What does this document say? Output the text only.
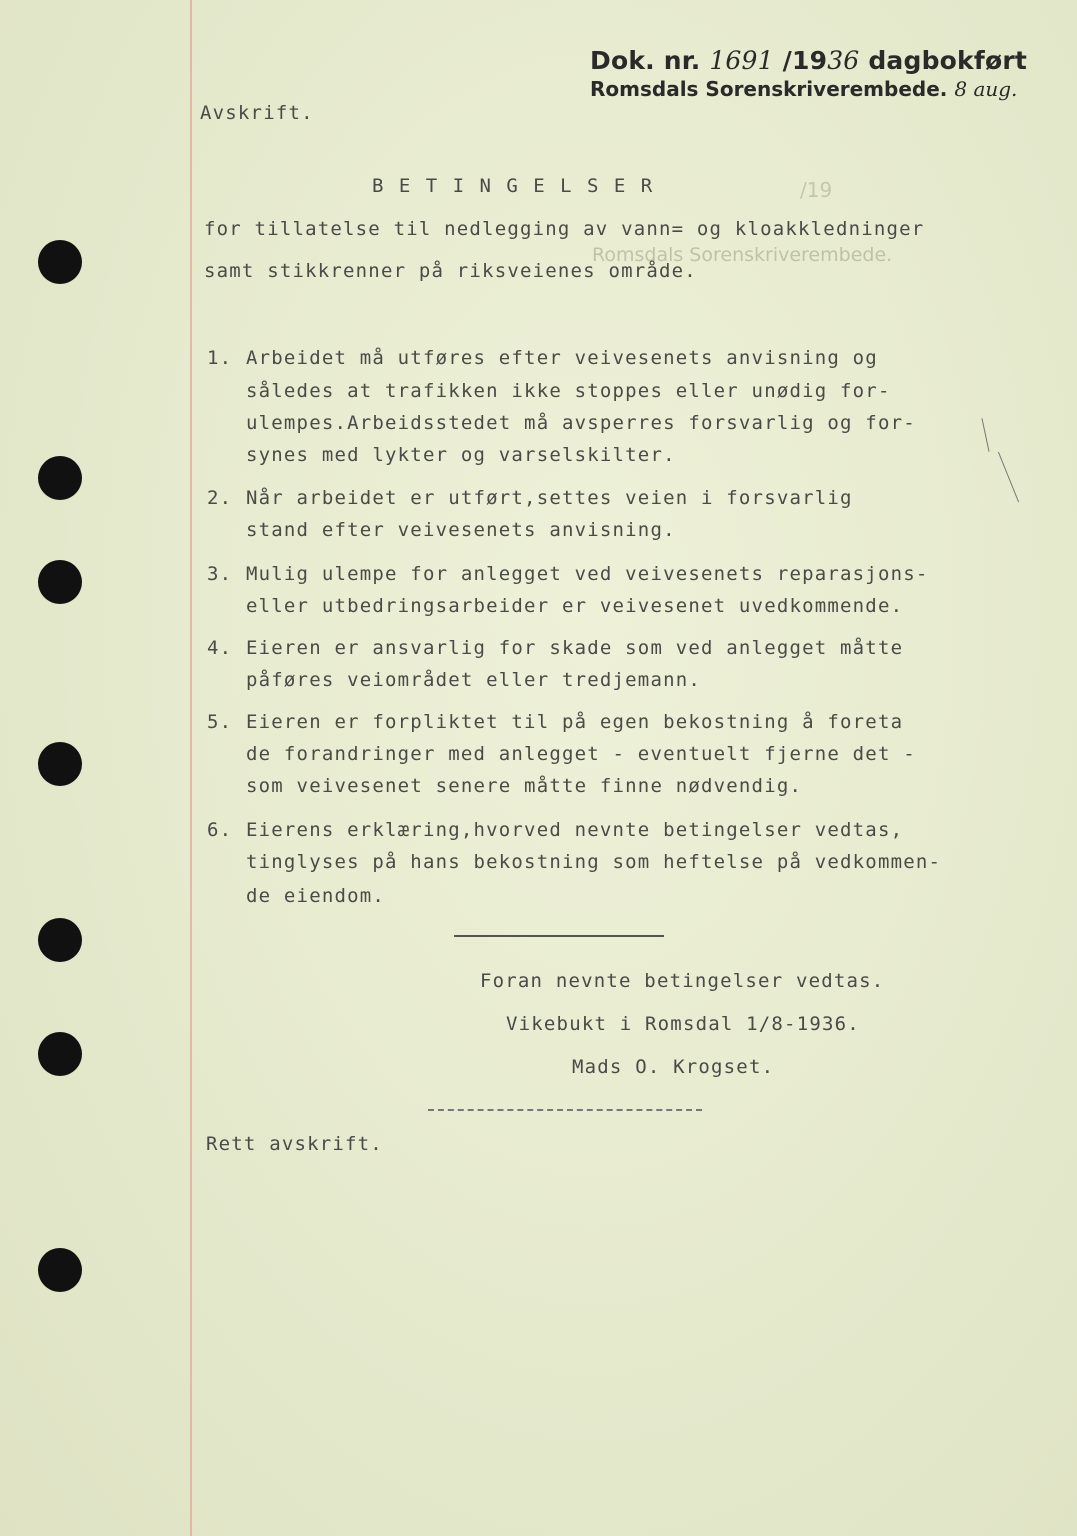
Dok. nr. 1691 /1936 dagbokført
Romsdals Sorenskriverembede. 8 aug.
Avskrift.
B E T I N G E L S E R	/19
for tillatelse til nedlegging av vann= og kloakkledninger
Romsdals Sorenskriverembede.
samt stikkrenner på riksveienes område.
1. Arbeidet må utføres efter veivesenets anvisning og
således at trafikken ikke stoppes eller unødig for-
ulempes.Arbeidsstedet må avsperres forsvarlig og for-
synes med lykter og varselskilter.
2. Når arbeidet er utført,settes veien i forsvarlig
stand efter veivesenets anvisning.
3. Mulig ulempe for anlegget ved veivesenets reparasjons-
eller utbedringsarbeider er veivesenet uvedkommende.
4. Eieren er ansvarlig for skade som ved anlegget måtte
påføres veiområdet eller tredjemann.
5. Eieren er forpliktet til på egen bekostning å foreta
de forandringer med anlegget - eventuelt fjerne det -
som veivesenet senere måtte finne nødvendig.
6. Eierens erklæring,hvorved nevnte betingelser vedtas,
tinglyses på hans bekostning som heftelse på vedkommen-
de eiendom.
Foran nevnte betingelser vedtas.
Vikebukt i Romsdal 1/8-1936.
Mads O. Krogset.
Rett avskrift.
